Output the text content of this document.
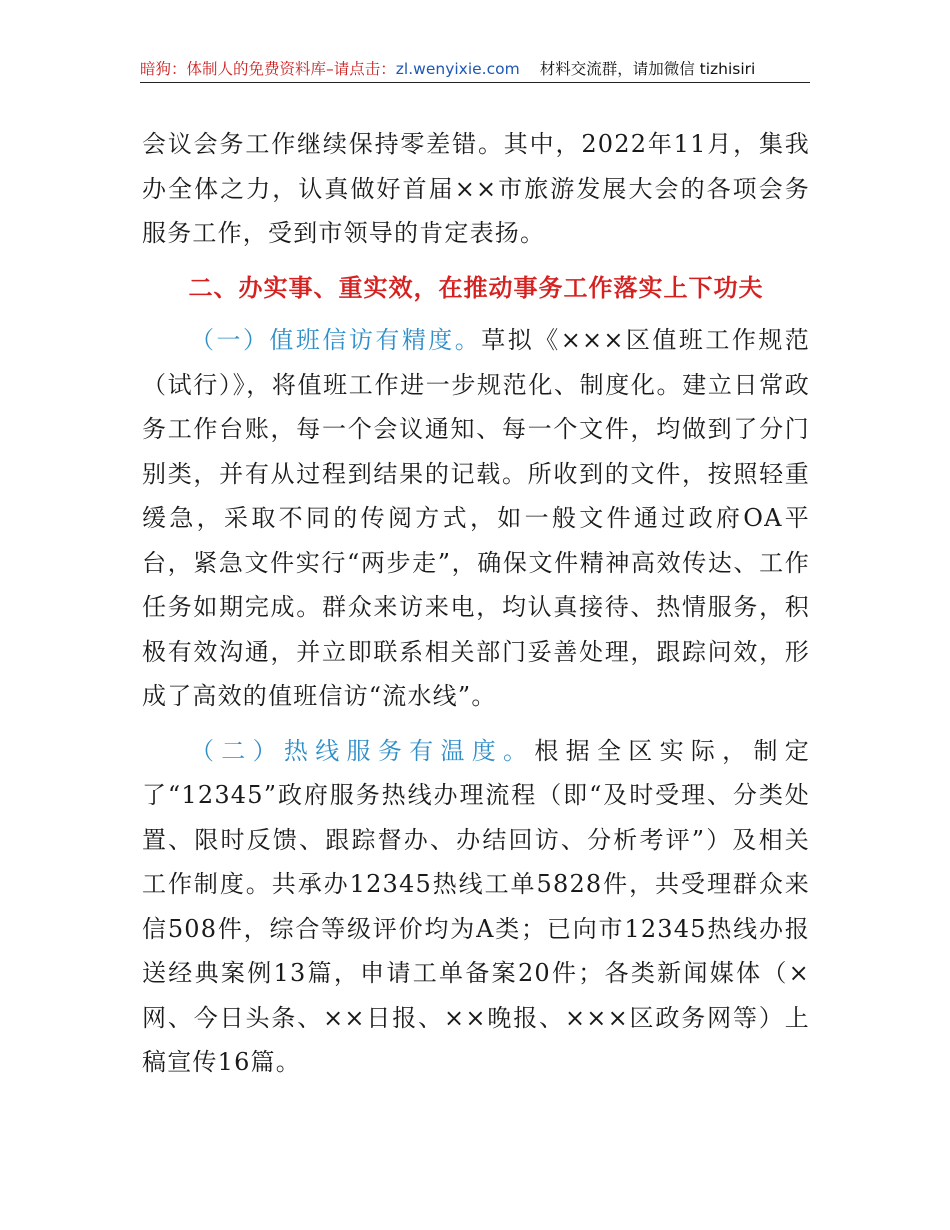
暗狗：体制人的免费资料库–请点击：zl.wenyixie.com 材料交流群，请加微信 tizhisiri

会议会务工作继续保持零差错。其中，2022年11月，集我办全体之力，认真做好首届××市旅游发展大会的各项会务服务工作，受到市领导的肯定表扬。

二、办实事、重实效，在推动事务工作落实上下功夫

（一）值班信访有精度。草拟《×××区值班工作规范（试行）》，将值班工作进一步规范化、制度化。建立日常政务工作台账，每一个会议通知、每一个文件，均做到了分门别类，并有从过程到结果的记载。所收到的文件，按照轻重缓急，采取不同的传阅方式，如一般文件通过政府OA平台，紧急文件实行“两步走”，确保文件精神高效传达、工作任务如期完成。群众来访来电，均认真接待、热情服务，积极有效沟通，并立即联系相关部门妥善处理，跟踪问效，形成了高效的值班信访“流水线”。

（二）热线服务有温度。根据全区实际，制定了“12345”政府服务热线办理流程（即“及时受理、分类处置、限时反馈、跟踪督办、办结回访、分析考评”）及相关工作制度。共承办12345热线工单5828件，共受理群众来信508件，综合等级评价均为A类；已向市12345热线办报送经典案例13篇，申请工单备案20件；各类新闻媒体（×网、今日头条、××日报、××晚报、×××区政务网等）上稿宣传16篇。
